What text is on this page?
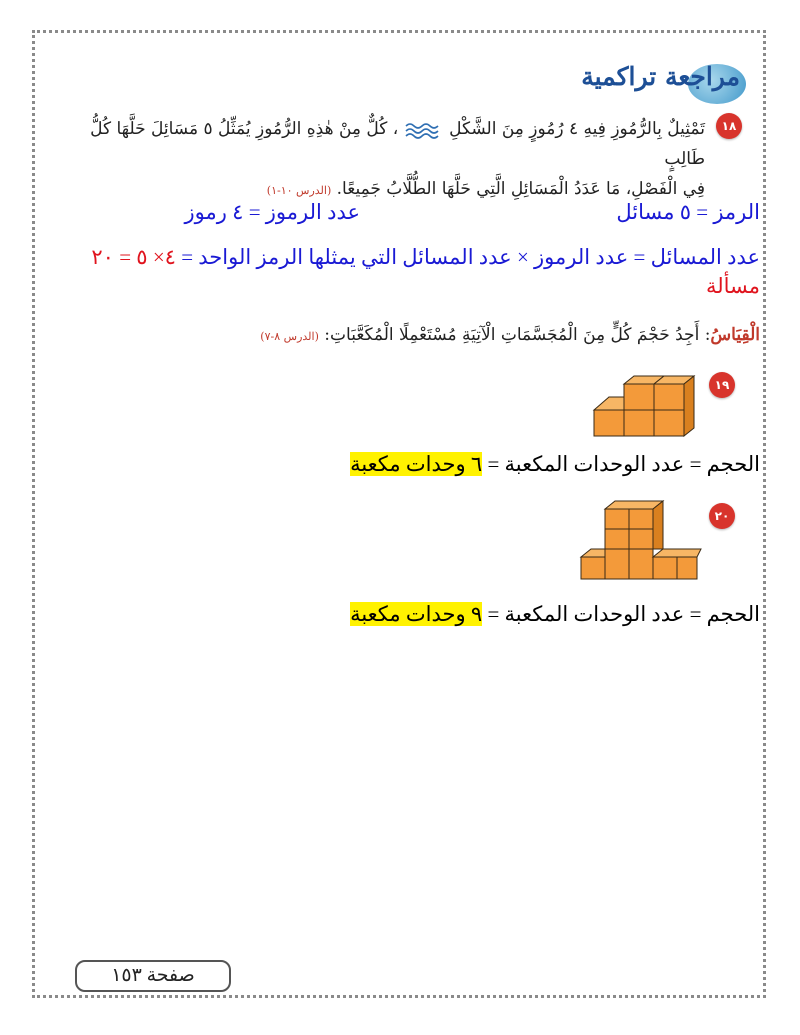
مراجعة تراكمية
١٨
تَمْثِيلٌ بِالرُّمُوزِ فِيهِ ٤ رُمُوزٍ مِنَ الشَّكْلِ  ، كُلٌّ مِنْ هٰذِهِ الرُّمُوزِ يُمَثِّلُ ٥ مَسَائِلَ حَلَّهَا كُلُّ طَالِبٍ
فِي الْفَصْلِ، مَا عَدَدُ الْمَسَائِلِ الَّتِي حَلَّهَا الطُّلَّابُ جَمِيعًا. (الدرس ١٠-١)
الرمز = ٥ مسائل
عدد الرموز = ٤ رموز
عدد المسائل = عدد الرموز × عدد المسائل التي يمثلها الرمز الواحد = ٤× ٥ = ٢٠
مسألة
الْقِيَاسُ: أَجِدُ حَجْمَ كُلٍّ مِنَ الْمُجَسَّمَاتِ الْآتِيَةِ مُسْتَعْمِلًا الْمُكَعَّبَاتِ: (الدرس ٨-٧)
١٩
الحجم = عدد الوحدات المكعبة = ٦ وحدات مكعبة
٢٠
الحجم = عدد الوحدات المكعبة = ٩ وحدات مكعبة
صفحة ١٥٣
